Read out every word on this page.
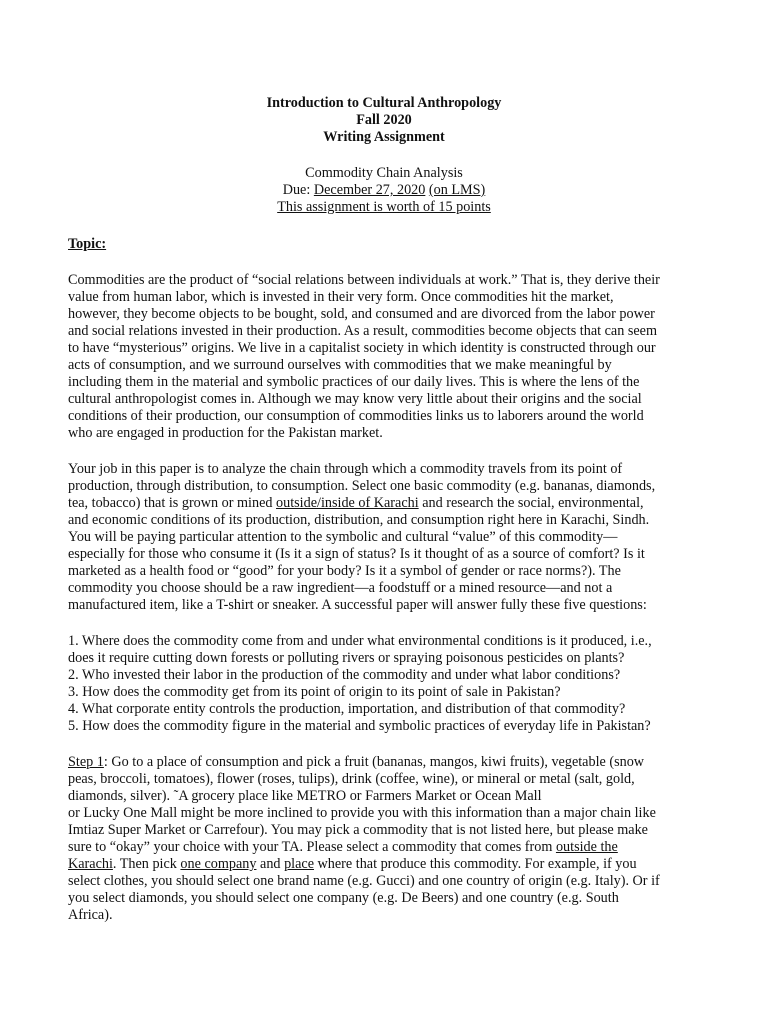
Introduction to Cultural Anthropology
Fall 2020
Writing Assignment
Commodity Chain Analysis
Due: December 27, 2020 (on LMS)
This assignment is worth of 15 points
Topic:
Commodities are the product of “social relations between individuals at work.” That is, they derive their
value from human labor, which is invested in their very form. Once commodities hit the market,
however, they become objects to be bought, sold, and consumed and are divorced from the labor power
and social relations invested in their production. As a result, commodities become objects that can seem
to have “mysterious” origins. We live in a capitalist society in which identity is constructed through our
acts of consumption, and we surround ourselves with commodities that we make meaningful by
including them in the material and symbolic practices of our daily lives. This is where the lens of the
cultural anthropologist comes in. Although we may know very little about their origins and the social
conditions of their production, our consumption of commodities links us to laborers around the world
who are engaged in production for the Pakistan market.
Your job in this paper is to analyze the chain through which a commodity travels from its point of
production, through distribution, to consumption. Select one basic commodity (e.g. bananas, diamonds,
tea, tobacco) that is grown or mined outside/inside of Karachi and research the social, environmental,
and economic conditions of its production, distribution, and consumption right here in Karachi, Sindh.
You will be paying particular attention to the symbolic and cultural “value” of this commodity—
especially for those who consume it (Is it a sign of status? Is it thought of as a source of comfort? Is it
marketed as a health food or “good” for your body? Is it a symbol of gender or race norms?). The
commodity you choose should be a raw ingredient—a foodstuff or a mined resource—and not a
manufactured item, like a T-shirt or sneaker. A successful paper will answer fully these five questions:
1. Where does the commodity come from and under what environmental conditions is it produced, i.e.,
does it require cutting down forests or polluting rivers or spraying poisonous pesticides on plants?
2. Who invested their labor in the production of the commodity and under what labor conditions?
3. How does the commodity get from its point of origin to its point of sale in Pakistan?
4. What corporate entity controls the production, importation, and distribution of that commodity?
5. How does the commodity figure in the material and symbolic practices of everyday life in Pakistan?
Step 1: Go to a place of consumption and pick a fruit (bananas, mangos, kiwi fruits), vegetable (snow
peas, broccoli, tomatoes), flower (roses, tulips), drink (coffee, wine), or mineral or metal (salt, gold,
diamonds, silver). ˜A grocery place like METRO or Farmers Market or Ocean Mall
or Lucky One Mall might be more inclined to provide you with this information than a major chain like
Imtiaz Super Market or Carrefour). You may pick a commodity that is not listed here, but please make
sure to “okay” your choice with your TA. Please select a commodity that comes from outside the
Karachi. Then pick one company and place where that produce this commodity. For example, if you
select clothes, you should select one brand name (e.g. Gucci) and one country of origin (e.g. Italy). Or if
you select diamonds, you should select one company (e.g. De Beers) and one country (e.g. South
Africa).
